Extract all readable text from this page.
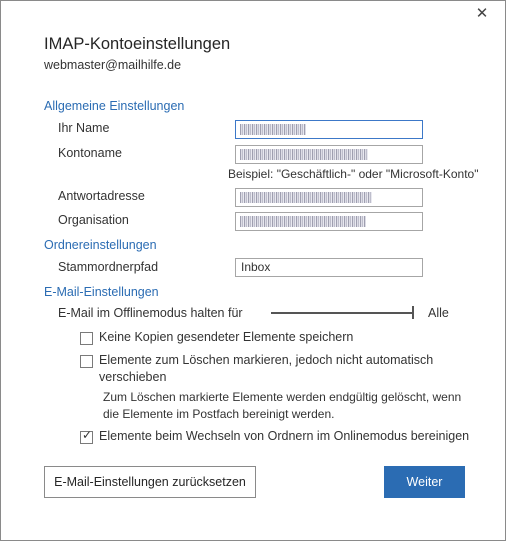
✕
IMAP-Kontoeinstellungen
webmaster@mailhilfe.de
Allgemeine Einstellungen
Ihr Name
Kontoname
Beispiel: "Geschäftlich-" oder "Microsoft-Konto"
Antwortadresse
Organisation
Ordnereinstellungen
Stammordnerpfad	Inbox
E-Mail-Einstellungen
E-Mail im Offlinemodus halten für	Alle
Keine Kopien gesendeter Elemente speichern
Elemente zum Löschen markieren, jedoch nicht automatisch
verschieben
Zum Löschen markierte Elemente werden endgültig gelöscht, wenn die Elemente im Postfach bereinigt werden.
✓ Elemente beim Wechseln von Ordnern im Onlinemodus bereinigen
E-Mail-Einstellungen zurücksetzen	Weiter
